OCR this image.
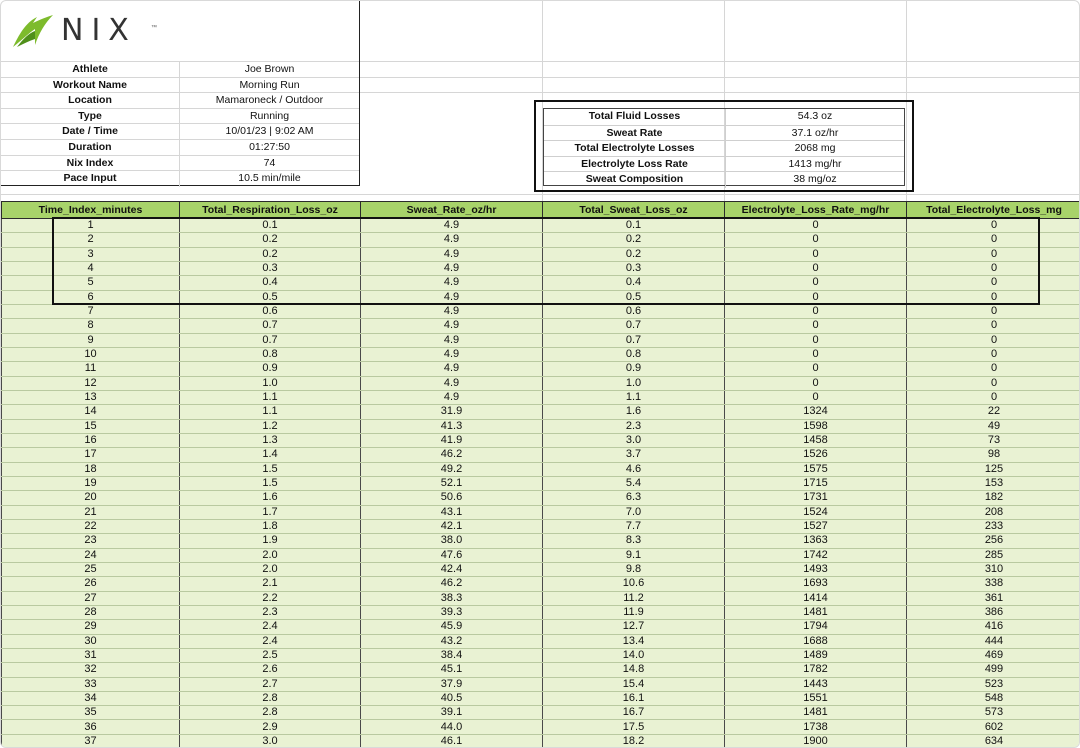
NIX ™
Athlete	Joe Brown
Workout Name	Morning Run
Location	Mamaroneck / Outdoor
Type	Running
Date / Time	10/01/23 | 9:02 AM
Duration	01:27:50
Nix Index	74
Pace Input	10.5 min/mile
Total Fluid Losses	54.3 oz
Sweat Rate	37.1 oz/hr
Total Electrolyte Losses	2068 mg
Electrolyte Loss Rate	1413 mg/hr
Sweat Composition	38 mg/oz
Time_Index_minutes	Total_Respiration_Loss_oz	Sweat_Rate_oz/hr	Total_Sweat_Loss_oz	Electrolyte_Loss_Rate_mg/hr	Total_Electrolyte_Loss_mg
1	0.1	4.9	0.1	0	0
2	0.2	4.9	0.2	0	0
3	0.2	4.9	0.2	0	0
4	0.3	4.9	0.3	0	0
5	0.4	4.9	0.4	0	0
6	0.5	4.9	0.5	0	0
7	0.6	4.9	0.6	0	0
8	0.7	4.9	0.7	0	0
9	0.7	4.9	0.7	0	0
10	0.8	4.9	0.8	0	0
11	0.9	4.9	0.9	0	0
12	1.0	4.9	1.0	0	0
13	1.1	4.9	1.1	0	0
14	1.1	31.9	1.6	1324	22
15	1.2	41.3	2.3	1598	49
16	1.3	41.9	3.0	1458	73
17	1.4	46.2	3.7	1526	98
18	1.5	49.2	4.6	1575	125
19	1.5	52.1	5.4	1715	153
20	1.6	50.6	6.3	1731	182
21	1.7	43.1	7.0	1524	208
22	1.8	42.1	7.7	1527	233
23	1.9	38.0	8.3	1363	256
24	2.0	47.6	9.1	1742	285
25	2.0	42.4	9.8	1493	310
26	2.1	46.2	10.6	1693	338
27	2.2	38.3	11.2	1414	361
28	2.3	39.3	11.9	1481	386
29	2.4	45.9	12.7	1794	416
30	2.4	43.2	13.4	1688	444
31	2.5	38.4	14.0	1489	469
32	2.6	45.1	14.8	1782	499
33	2.7	37.9	15.4	1443	523
34	2.8	40.5	16.1	1551	548
35	2.8	39.1	16.7	1481	573
36	2.9	44.0	17.5	1738	602
37	3.0	46.1	18.2	1900	634
